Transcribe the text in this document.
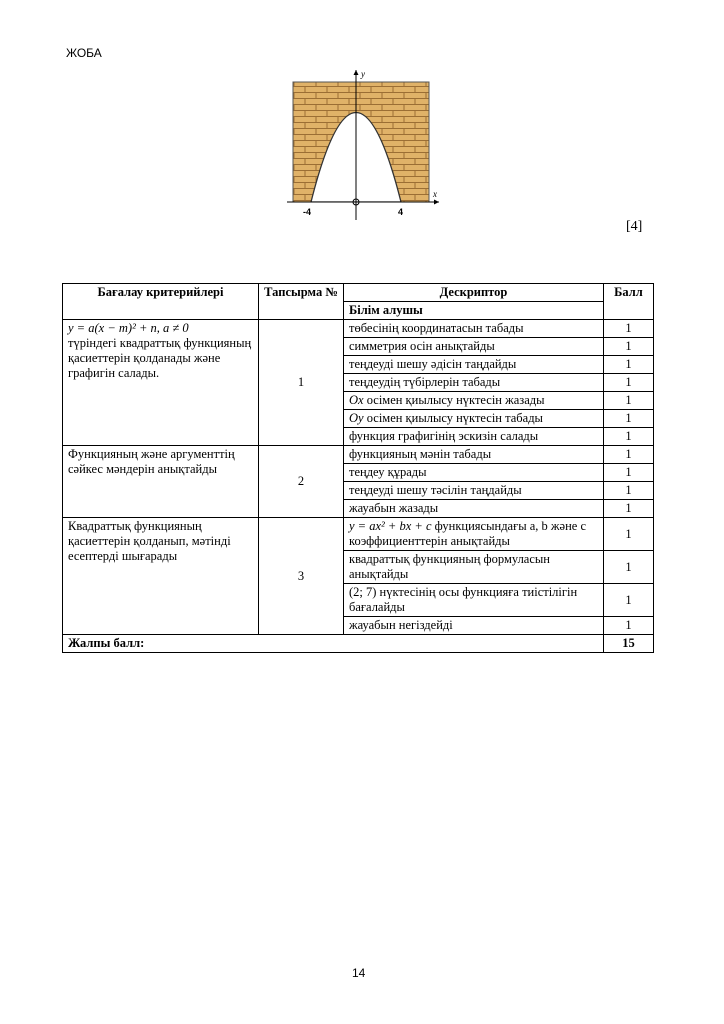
ЖОБА
x
y
-4	4
[4]
Бағалау критерийлері	Тапсырма №	Дескриптор	Балл
		Білім алушы	

y = a(x − m)² + n, a ≠ 0
түріндегі квадраттық функцияның қасиеттерін қолданады және графигін салады.	1	төбесінің координатасын табады	1
		симметрия осін анықтайды	1
		теңдеуді шешу әдісін таңдайды	1
		теңдеудің түбірлерін табады	1
		Ох осімен қиылысу нүктесін жазады	1
		Оу осімен қиылысу нүктесін табады	1
		функция графигінің эскизін салады	1
Функцияның және аргументтің сәйкес мәндерін анықтайды	2	функцияның мәнін табады	1
		теңдеу құрады	1
		теңдеуді шешу тәсілін таңдайды	1
		жауабын жазады	1
Квадраттық функцияның қасиеттерін қолданып, мәтінді есептерді шығарады	3	y = ax² + bx + c функциясындағы a, b және c коэффициенттерін анықтайды	1
		квадраттық функцияның формуласын анықтайды	1
		(2; 7) нүктесінің осы функцияға тиістілігін бағалайды	1
		жауабын негіздейді	1
Жалпы балл:			15
14
